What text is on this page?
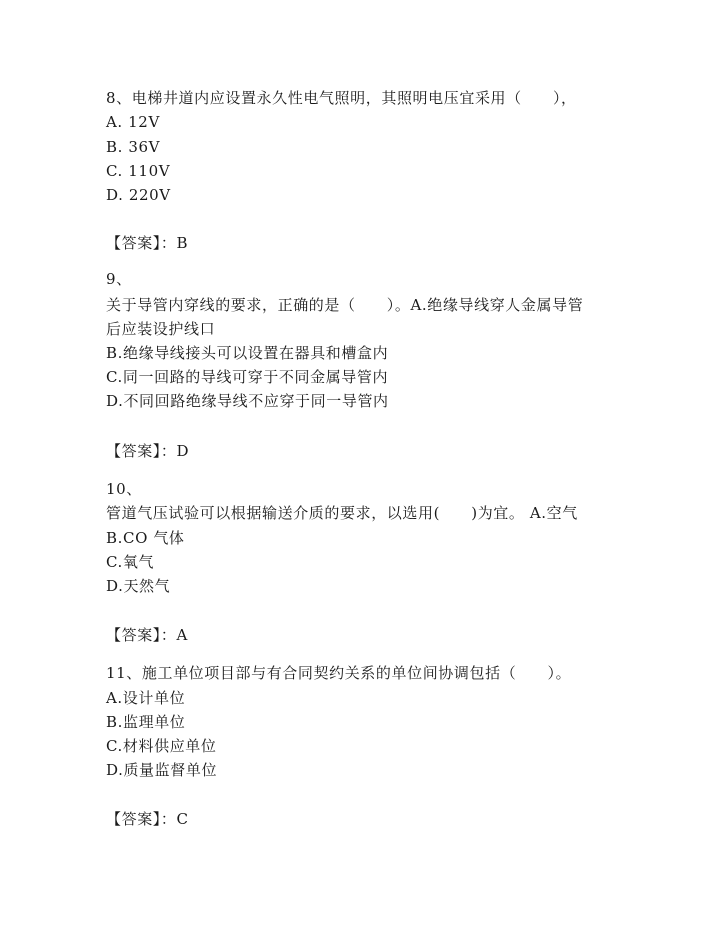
8、电梯井道内应设置永久性电气照明，其照明电压宜采用（　　），
A. 12V
B. 36V
C. 110V
D. 220V
【答案】：B
9、
关于导管内穿线的要求，正确的是（　　）。A.绝缘导线穿人金属导管
后应装设护线口
B.绝缘导线接头可以设置在器具和槽盒内
C.同一回路的导线可穿于不同金属导管内
D.不同回路绝缘导线不应穿于同一导管内
【答案】：D
10、
管道气压试验可以根据输送介质的要求，以选用(　　)为宜。 A.空气
B.CO 气体
C.氧气
D.天然气
【答案】：A
11、施工单位项目部与有合同契约关系的单位间协调包括（　　）。
A.设计单位
B.监理单位
C.材料供应单位
D.质量监督单位
【答案】：C
